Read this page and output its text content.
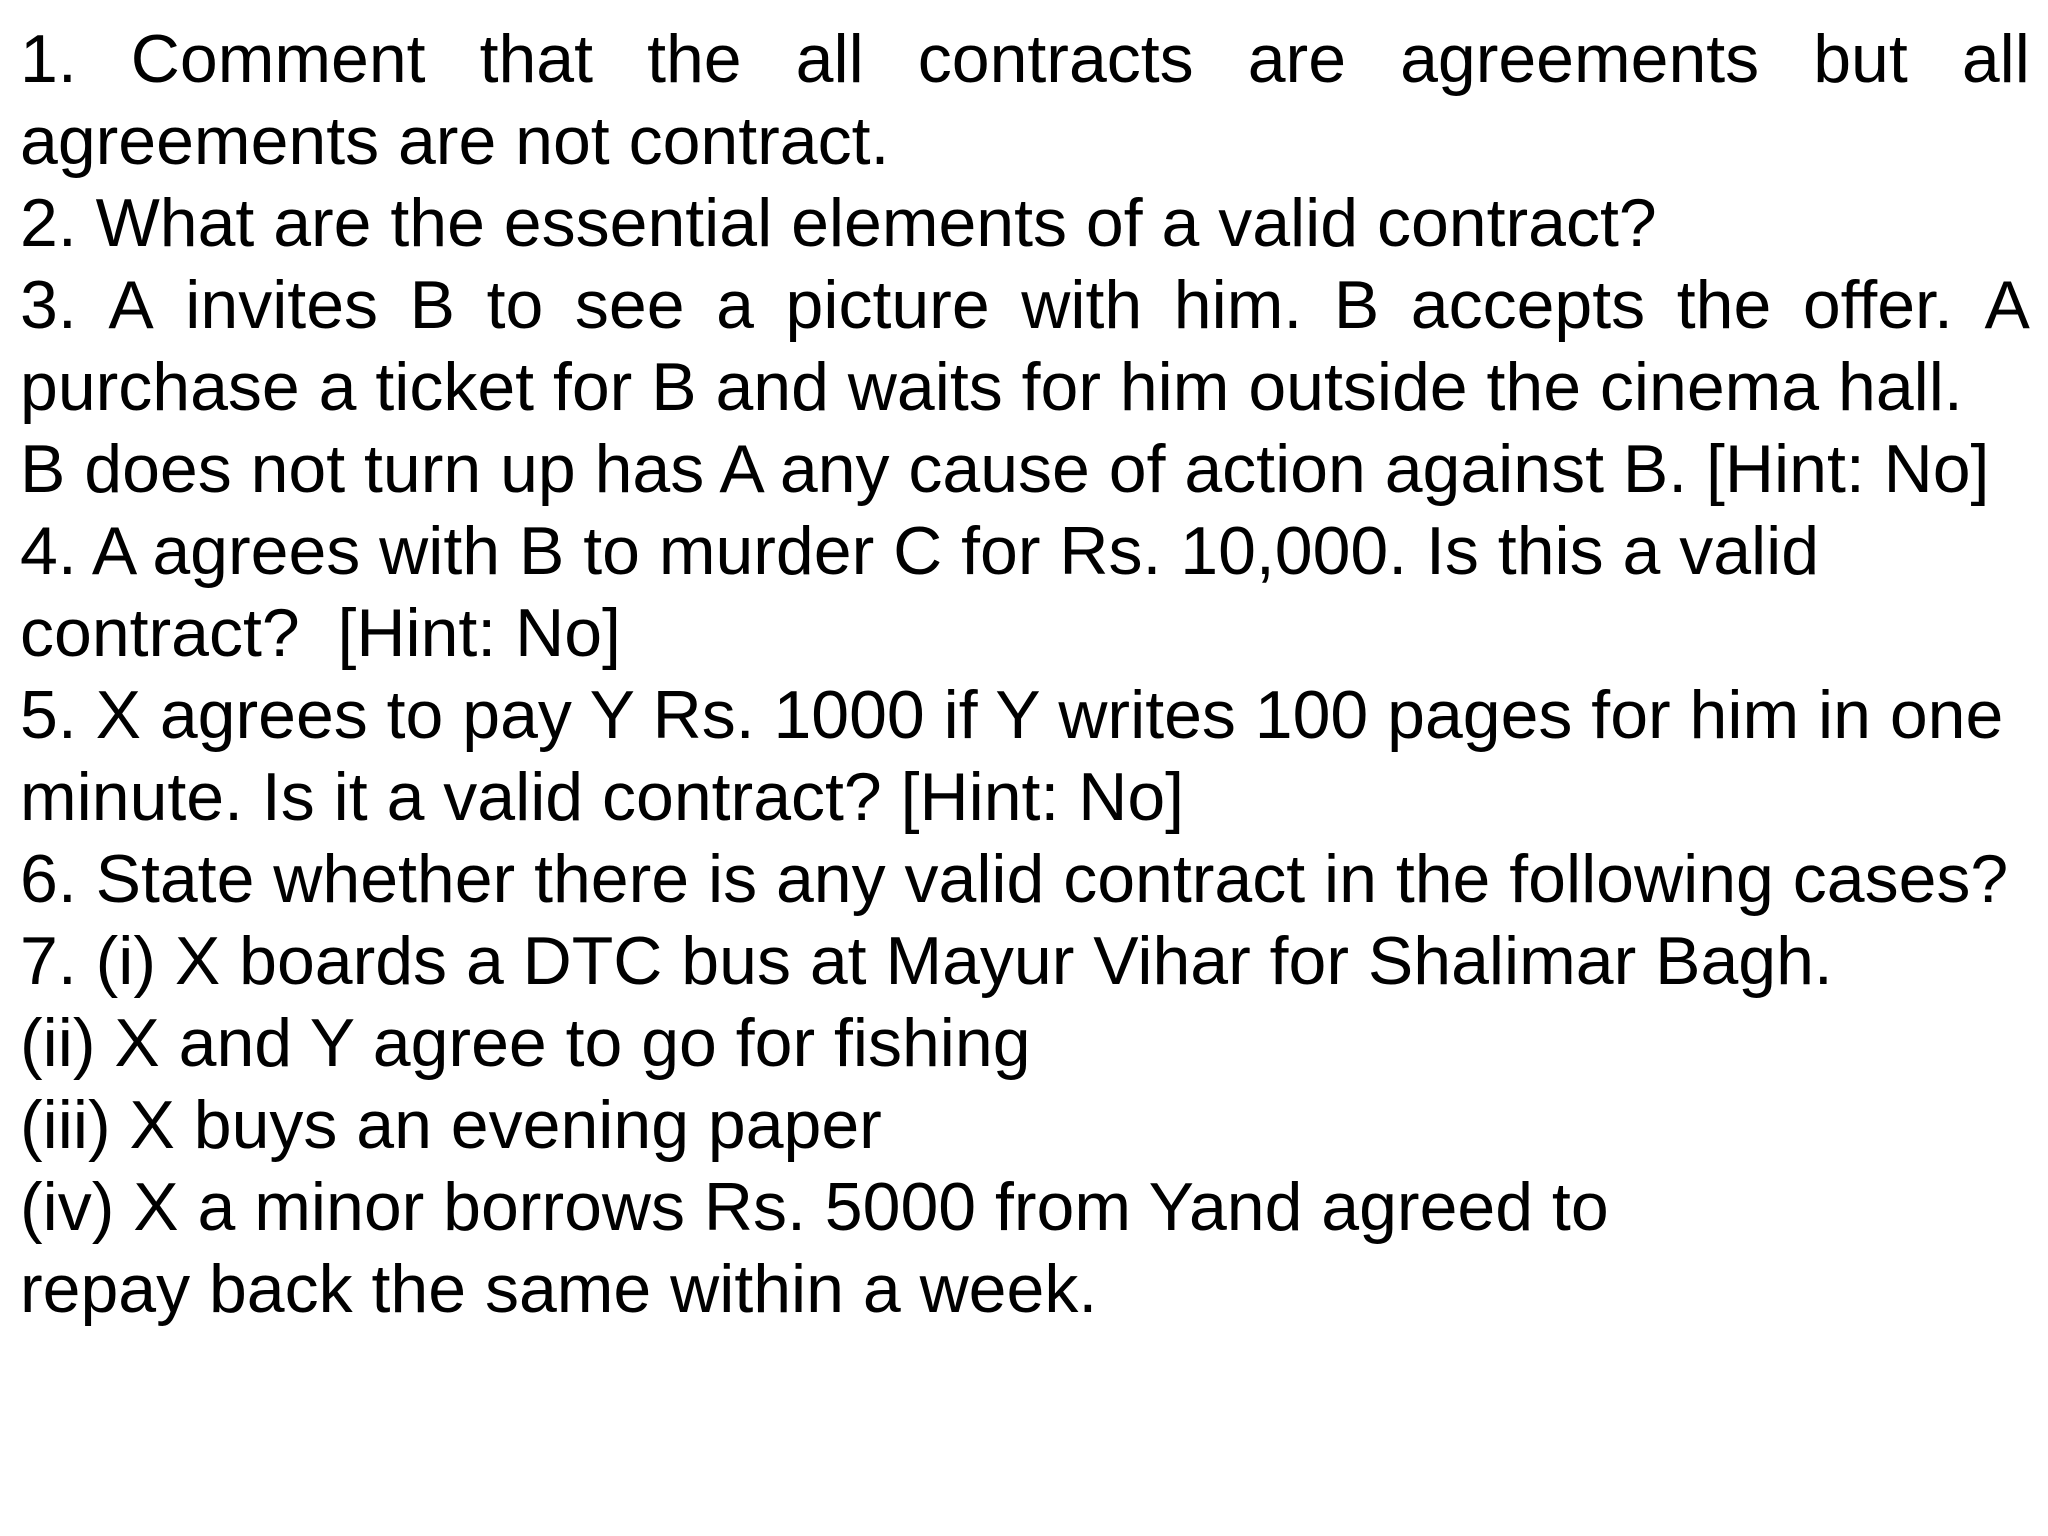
1. Comment that the all contracts are agreements but all
agreements are not contract.
2. What are the essential elements of a valid contract?
3. A invites B to see a picture with him. B accepts the offer. A
purchase a ticket for B and waits for him outside the cinema hall.
B does not turn up has A any cause of action against B. [Hint: No]
4. A agrees with B to murder C for Rs. 10,000. Is this a valid
contract?  [Hint: No]
5. X agrees to pay Y Rs. 1000 if Y writes 100 pages for him in one
minute. Is it a valid contract? [Hint: No]
6. State whether there is any valid contract in the following cases?
7. (i) X boards a DTC bus at Mayur Vihar for Shalimar Bagh.
(ii) X and Y agree to go for fishing
(iii) X buys an evening paper
(iv) X a minor borrows Rs. 5000 from Yand agreed to
repay back the same within a week.
